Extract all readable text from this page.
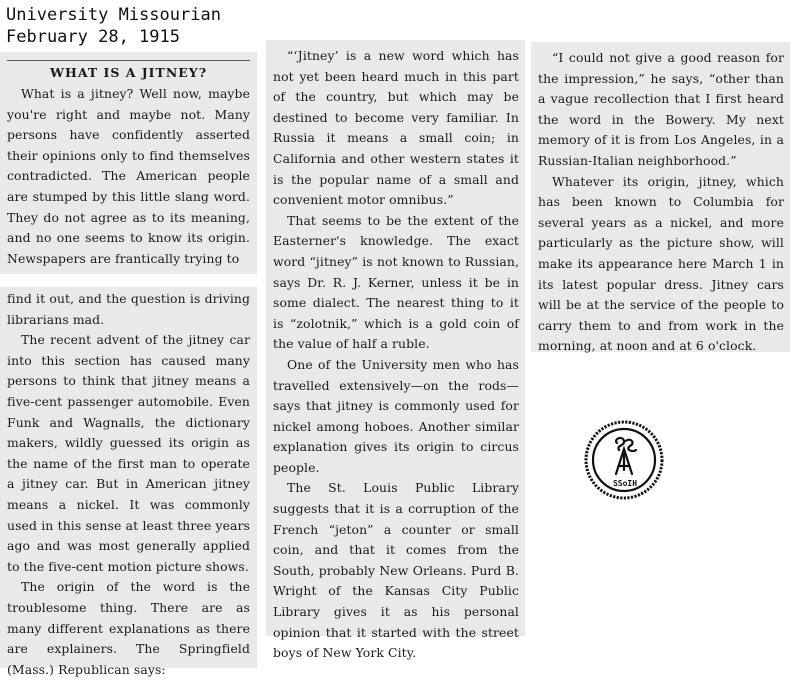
University Missourian
February 28, 1915
WHAT IS A JITNEY?

What is a jitney? Well now, maybe you're right and maybe not. Many persons have confidently asserted their opinions only to find themselves contradicted. The American people are stumped by this little slang word. They do not agree as to its meaning, and no one seems to know its origin. Newspapers are frantically trying to

find it out, and the question is driving librarians mad.

The recent advent of the jitney car into this section has caused many persons to think that jitney means a five-cent passenger automobile. Even Funk and Wagnalls, the dictionary makers, wildly guessed its origin as the name of the first man to operate a jitney car. But in American jitney means a nickel. It was commonly used in this sense at least three years ago and was most generally applied to the five-cent motion picture shows.

The origin of the word is the troublesome thing. There are as many different explanations as there are explainers. The Springfield (Mass.) Republican says:

“‘Jitney’ is a new word which has not yet been heard much in this part of the country, but which may be destined to become very familiar. In Russia it means a small coin; in California and other western states it is the popular name of a small and convenient motor omnibus.”

That seems to be the extent of the Easterner's knowledge. The exact word “jitney” is not known to Russian, says Dr. R. J. Kerner, unless it be in some dialect. The nearest thing to it is “zolotnik,” which is a gold coin of the value of half a ruble.

One of the University men who has travelled extensively—on the rods—says that jitney is commonly used for nickel among hoboes. Another similar explanation gives its origin to circus people.

The St. Louis Public Library suggests that it is a corruption of the French “jeton” a counter or small coin, and that it comes from the South, probably New Orleans. Purd B. Wright of the Kansas City Public Library gives it as his personal opinion that it started with the street boys of New York City.

“I could not give a good reason for the impression,” he says, “other than a vague recollection that I first heard the word in the Bowery. My next memory of it is from Los Angeles, in a Russian-Italian neighborhood.”

Whatever its origin, jitney, which has been known to Columbia for several years as a nickel, and more particularly as the picture show, will make its appearance here March 1 in its latest popular dress. Jitney cars will be at the service of the people to carry them to and from work in the morning, at noon and at 6 o'clock.

SSoIH
